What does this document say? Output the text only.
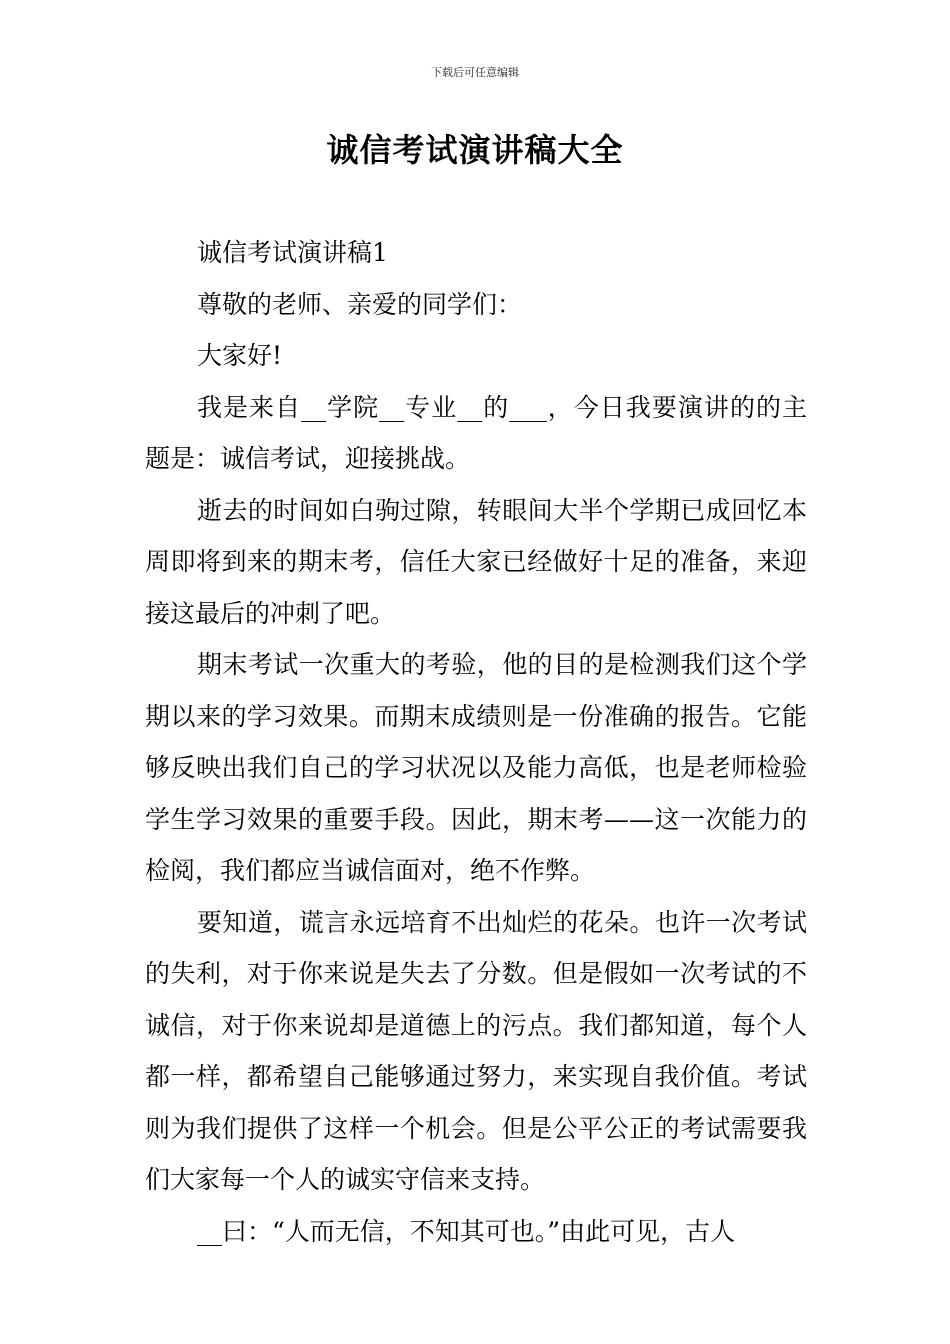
下载后可任意编辑
诚信考试演讲稿大全

诚信考试演讲稿1

尊敬的老师、亲爱的同学们：

大家好!

我是来自__学院__专业__的___，今日我要演讲的的主题是：诚信考试，迎接挑战。

逝去的时间如白驹过隙，转眼间大半个学期已成回忆本周即将到来的期末考，信任大家已经做好十足的准备，来迎接这最后的冲刺了吧。

期末考试一次重大的考验，他的目的是检测我们这个学期以来的学习效果。而期末成绩则是一份准确的报告。它能够反映出我们自己的学习状况以及能力高低，也是老师检验学生学习效果的重要手段。因此，期末考——这一次能力的检阅，我们都应当诚信面对，绝不作弊。

要知道，谎言永远培育不出灿烂的花朵。也许一次考试的失利，对于你来说是失去了分数。但是假如一次考试的不诚信，对于你来说却是道德上的污点。我们都知道，每个人都一样，都希望自己能够通过努力，来实现自我价值。考试则为我们提供了这样一个机会。但是公平公正的考试需要我们大家每一个人的诚实守信来支持。

__曰：“人而无信，不知其可也。”由此可见，古人
